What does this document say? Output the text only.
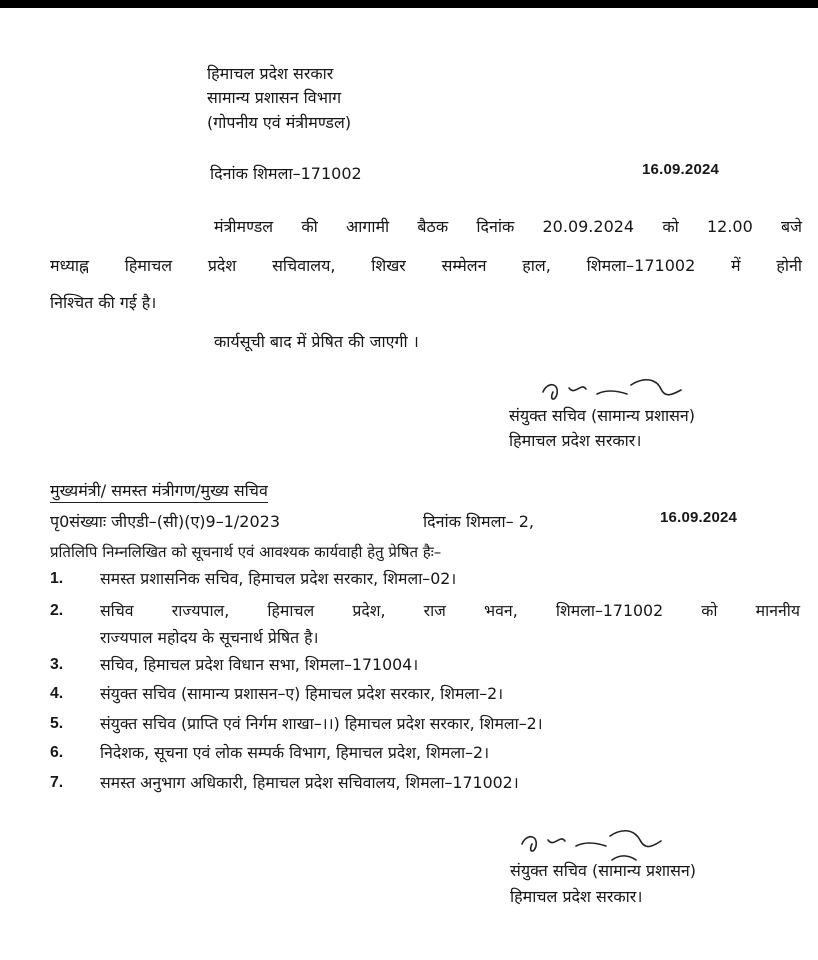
हिमाचल प्रदेश सरकार
सामान्य प्रशासन विभाग
(गोपनीय एवं मंत्रीमण्डल)
दिनांक शिमला–171002	16.09.2024
मंत्रीमण्डल की आगामी बैठक दिनांक 20.09.2024 को 12.00 बजे
मध्याह्न हिमाचल प्रदेश सचिवालय, शिखर सम्मेलन हाल, शिमला–171002 में होनी
निश्चित की गई है।
कार्यसूची बाद में प्रेषित की जाएगी ।
संयुक्त सचिव (सामान्य प्रशासन)
हिमाचल प्रदेश सरकार।
मुख्यमंत्री/ समस्त मंत्रीगण/मुख्य सचिव
पृ0संख्याः जीएडी–(सी)(ए)9–1/2023	दिनांक शिमला– 2,	16.09.2024
प्रतिलिपि निम्नलिखित को सूचनार्थ एवं आवश्यक कार्यवाही हेतु प्रेषित हैः–
1.	समस्त प्रशासनिक सचिव, हिमाचल प्रदेश सरकार, शिमला–02।
2.	सचिव राज्यपाल, हिमाचल प्रदेश, राज भवन, शिमला–171002 को माननीय
राज्यपाल महोदय के सूचनार्थ प्रेषित है।
3.	सचिव, हिमाचल प्रदेश विधान सभा, शिमला–171004।
4.	संयुक्त सचिव (सामान्य प्रशासन–ए) हिमाचल प्रदेश सरकार, शिमला–2।
5.	संयुक्त सचिव (प्राप्ति एवं निर्गम शाखा–।।) हिमाचल प्रदेश सरकार, शिमला–2।
6.	निदेशक, सूचना एवं लोक सम्पर्क विभाग, हिमाचल प्रदेश, शिमला–2।
7.	समस्त अनुभाग अधिकारी, हिमाचल प्रदेश सचिवालय, शिमला–171002।
संयुक्त सचिव (सामान्य प्रशासन)
हिमाचल प्रदेश सरकार।
